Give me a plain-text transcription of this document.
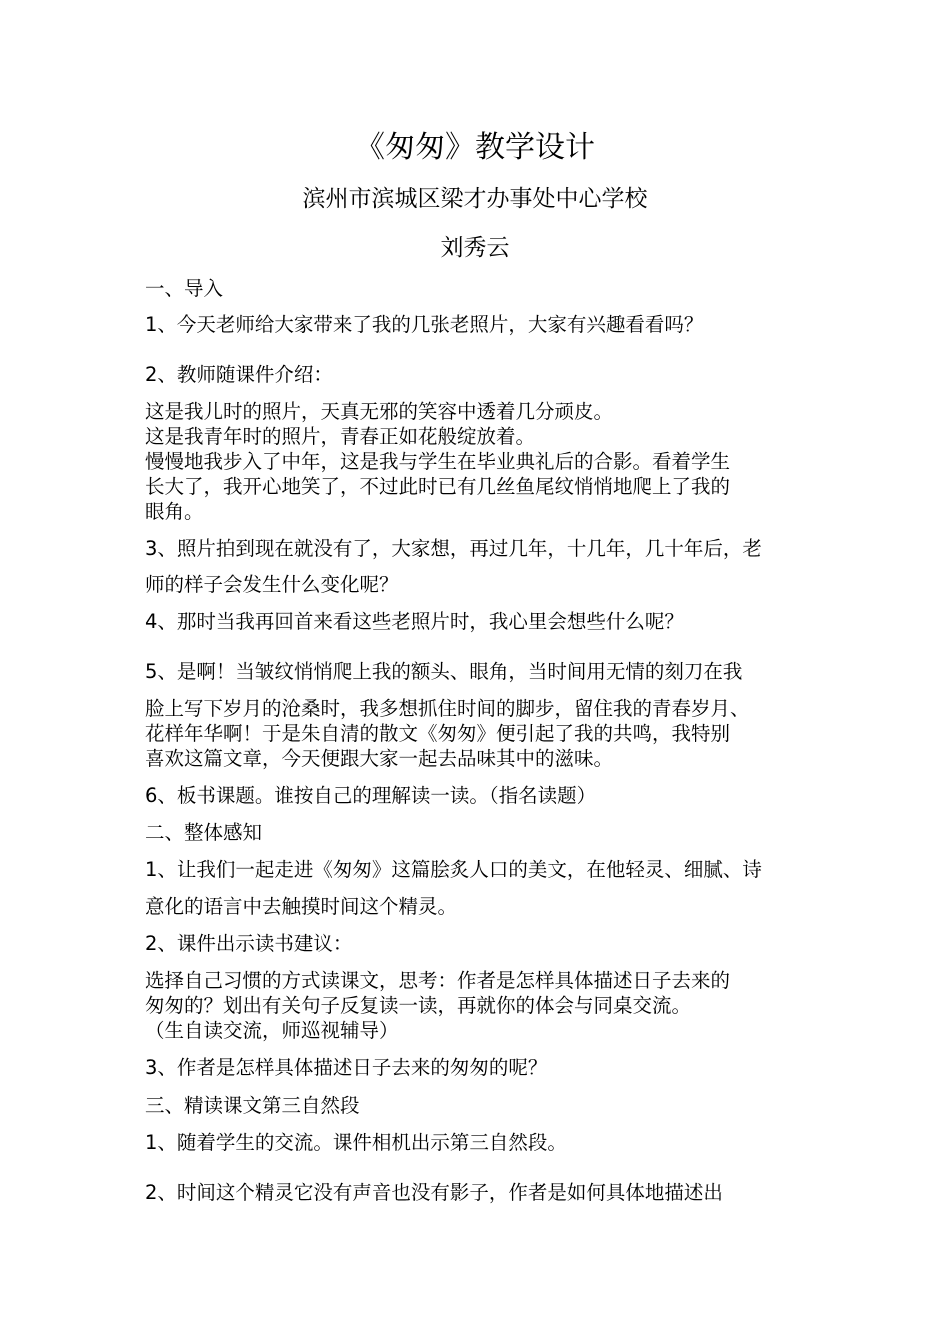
《匆匆》教学设计
滨州市滨城区梁才办事处中心学校
刘秀云
一、导入
1、今天老师给大家带来了我的几张老照片，大家有兴趣看看吗？
2、教师随课件介绍：
这是我儿时的照片，天真无邪的笑容中透着几分顽皮。
这是我青年时的照片，青春正如花般绽放着。
慢慢地我步入了中年，这是我与学生在毕业典礼后的合影。看着学生
长大了，我开心地笑了，不过此时已有几丝鱼尾纹悄悄地爬上了我的
眼角。
3、照片拍到现在就没有了，大家想，再过几年，十几年，几十年后，老
师的样子会发生什么变化呢？
4、那时当我再回首来看这些老照片时，我心里会想些什么呢？
5、是啊！当皱纹悄悄爬上我的额头、眼角，当时间用无情的刻刀在我
脸上写下岁月的沧桑时，我多想抓住时间的脚步，留住我的青春岁月、
花样年华啊！于是朱自清的散文《匆匆》便引起了我的共鸣，我特别
喜欢这篇文章，今天便跟大家一起去品味其中的滋味。
6、板书课题。谁按自己的理解读一读。（指名读题）
二、整体感知
1、让我们一起走进《匆匆》这篇脍炙人口的美文，在他轻灵、细腻、诗
意化的语言中去触摸时间这个精灵。
2、课件出示读书建议：
选择自己习惯的方式读课文，思考：作者是怎样具体描述日子去来的
匆匆的？划出有关句子反复读一读，再就你的体会与同桌交流。
（生自读交流，师巡视辅导）
3、作者是怎样具体描述日子去来的匆匆的呢？
三、精读课文第三自然段
1、随着学生的交流。课件相机出示第三自然段。
2、时间这个精灵它没有声音也没有影子，作者是如何具体地描述出
